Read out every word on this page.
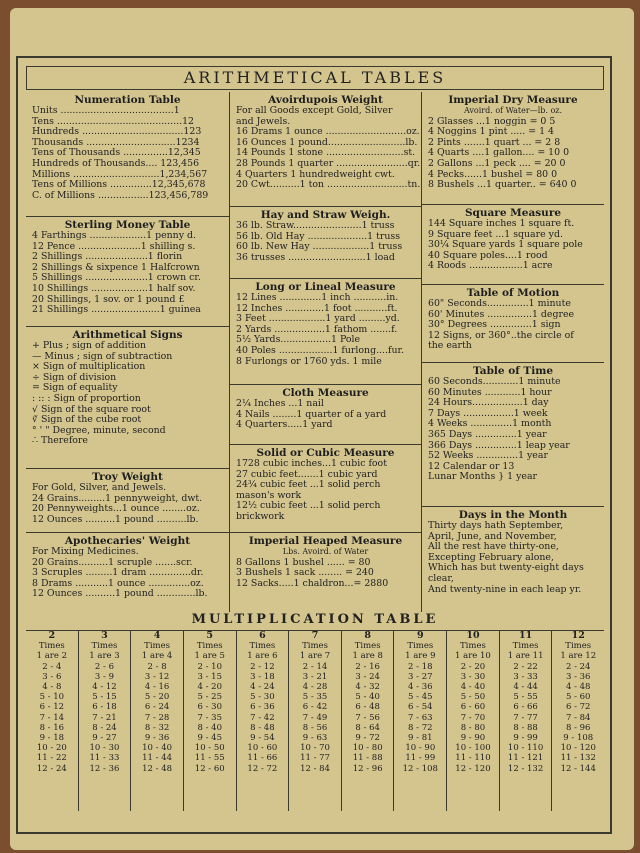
ARITHMETICAL TABLES
Numeration Table
Units ......................................1
Tens ..........................................12
Hundreds ..................................123
Thousands ..............................1234
Tens of Thousands ...............12,345
Hundreds of Thousands.... 123,456
Millions .............................1,234,567
Tens of Millions ..............12,345,678
C. of Millions .................123,456,789
Sterling Money Table
4 Farthings ...................1 penny d.
12 Pence .....................1 shilling s.
2 Shillings .....................1 florin
2 Shillings & sixpence 1 Halfcrown
5 Shillings .....................1 crown cr.
10 Shillings ...................1 half sov.
20 Shillings, 1 sov. or 1 pound £
21 Shillings .......................1 guinea
Arithmetical Signs
+ Plus ; sign of addition
— Minus ; sign of subtraction
× Sign of multiplication
÷ Sign of division
= Sign of equality
: :: : Sign of proportion
√ Sign of the square root
∛ Sign of the cube root
° ' " Degree, minute, second
∴ Therefore
Troy Weight
For Gold, Silver, and Jewels.
24 Grains.........1 pennyweight, dwt.
20 Pennyweights...1 ounce ........oz.
12 Ounces ..........1 pound ..........lb.
Apothecaries' Weight
For Mixing Medicines.
20 Grains..........1 scruple .......scr.
3 Scruples .........1 dram ..............dr.
8 Drams ...........1 ounce ..............oz.
12 Ounces ..........1 pound .............lb.
Avoirdupois Weight
For all Goods except Gold, Silver
and Jewels.
16 Drams 1 ounce ...........................oz.
16 Ounces 1 pound..........................lb.
14 Pounds 1 stone ..........................st.
28 Pounds 1 quarter ........................qr.
4 Quarters 1 hundredweight cwt.
20 Cwt..........1 ton ...........................tn.
Hay and Straw Weigh.
36 lb. Straw.......................1 truss
56 lb. Old Hay ....................1 truss
60 lb. New Hay ...................1 truss
36 trusses ..........................1 load
Long or Lineal Measure
12 Lines ..............1 inch ...........in.
12 Inches .............1 foot ...........ft.
3 Feet ...................1 yard .........yd.
2 Yards .................1 fathom .......f.
5½ Yards.................1 Pole
40 Poles ..................1 furlong....fur.
8 Furlongs or 1760 yds. 1 mile
Cloth Measure
2¼ Inches ...1 nail
4 Nails ........1 quarter of a yard
4 Quarters.....1 yard
Solid or Cubic Measure
1728 cubic inches...1 cubic foot
27 cubic feet.......1 cubic yard
24¾ cubic feet ...1 solid perch
mason's work
12½ cubic feet ...1 solid perch
brickwork
Imperial Heaped Measure
Lbs. Avoird. of Water
8 Gallons 1 bushel ...... = 80
3 Bushels 1 sack ........ = 240
12 Sacks.....1 chaldron...= 2880
Imperial Dry Measure
Avoird. of Water—lb. oz.
2 Glasses ...1 noggin = 0 5
4 Noggins 1 pint ..... = 1 4
2 Pints .......1 quart ... = 2 8
4 Quarts ....1 gallon.... = 10 0
2 Gallons ...1 peck .... = 20 0
4 Pecks......1 bushel = 80 0
8 Bushels ...1 quarter.. = 640 0
Square Measure
144 Square inches 1 square ft.
9 Square feet ...1 square yd.
30¼ Square yards 1 square pole
40 Square poles....1 rood
4 Roods ..................1 acre
Table of Motion
60" Seconds..............1 minute
60' Minutes ...............1 degree
30° Degrees ..............1 sign
12 Signs, or 360°..the circle of
the earth
Table of Time
60 Seconds............1 minute
60 Minutes ............1 hour
24 Hours.................1 day
7 Days .................1 week
4 Weeks ..............1 month
365 Days ..............1 year
366 Days ..............1 leap year
52 Weeks ..............1 year
12 Calendar or 13
Lunar Months } 1 year
Days in the Month
Thirty days hath September,
April, June, and November,
All the rest have thirty-one,
Excepting February alone,
Which has but twenty-eight days
clear,
And twenty-nine in each leap yr.
MULTIPLICATION TABLE
2
Times
1 are 2
2 - 4
3 - 6
4 - 8
5 - 10
6 - 12
7 - 14
8 - 16
9 - 18
10 - 20
11 - 22
12 - 24
3
Times
1 are 3
2 - 6
3 - 9
4 - 12
5 - 15
6 - 18
7 - 21
8 - 24
9 - 27
10 - 30
11 - 33
12 - 36
4
Times
1 are 4
2 - 8
3 - 12
4 - 16
5 - 20
6 - 24
7 - 28
8 - 32
9 - 36
10 - 40
11 - 44
12 - 48
5
Times
1 are 5
2 - 10
3 - 15
4 - 20
5 - 25
6 - 30
7 - 35
8 - 40
9 - 45
10 - 50
11 - 55
12 - 60
6
Times
1 are 6
2 - 12
3 - 18
4 - 24
5 - 30
6 - 36
7 - 42
8 - 48
9 - 54
10 - 60
11 - 66
12 - 72
7
Times
1 are 7
2 - 14
3 - 21
4 - 28
5 - 35
6 - 42
7 - 49
8 - 56
9 - 63
10 - 70
11 - 77
12 - 84
8
Times
1 are 8
2 - 16
3 - 24
4 - 32
5 - 40
6 - 48
7 - 56
8 - 64
9 - 72
10 - 80
11 - 88
12 - 96
9
Times
1 are 9
2 - 18
3 - 27
4 - 36
5 - 45
6 - 54
7 - 63
8 - 72
9 - 81
10 - 90
11 - 99
12 - 108
10
Times
1 are 10
2 - 20
3 - 30
4 - 40
5 - 50
6 - 60
7 - 70
8 - 80
9 - 90
10 - 100
11 - 110
12 - 120
11
Times
1 are 11
2 - 22
3 - 33
4 - 44
5 - 55
6 - 66
7 - 77
8 - 88
9 - 99
10 - 110
11 - 121
12 - 132
12
Times
1 are 12
2 - 24
3 - 36
4 - 48
5 - 60
6 - 72
7 - 84
8 - 96
9 - 108
10 - 120
11 - 132
12 - 144
